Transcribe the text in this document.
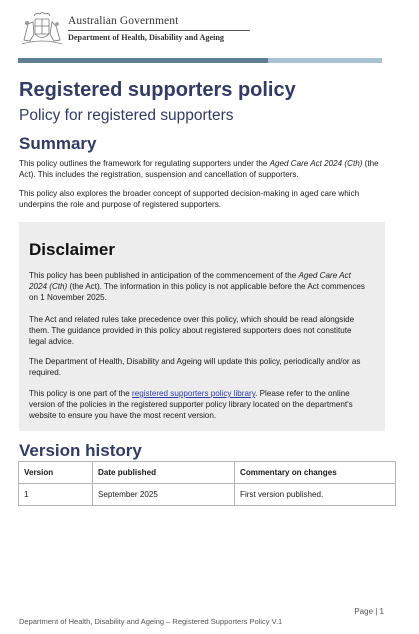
Australian Government
Department of Health, Disability and Ageing
Registered supporters policy
Policy for registered supporters
Summary
This policy outlines the framework for regulating supporters under the Aged Care Act 2024 (Cth) (the Act). This includes the registration, suspension and cancellation of supporters.
This policy also explores the broader concept of supported decision-making in aged care which underpins the role and purpose of registered supporters.
Disclaimer
This policy has been published in anticipation of the commencement of the Aged Care Act 2024 (Cth) (the Act). The information in this policy is not applicable before the Act commences on 1 November 2025.
The Act and related rules take precedence over this policy, which should be read alongside them. The guidance provided in this policy about registered supporters does not constitute legal advice.
The Department of Health, Disability and Ageing will update this policy, periodically and/or as required.
This policy is one part of the registered supporters policy library. Please refer to the online version of the policies in the registered supporter policy library located on the department's website to ensure you have the most recent version.
Version history
Version	Date published	Commentary on changes
1	September 2025	First version published.
Page | 1
Department of Health, Disability and Ageing – Registered Supporters Policy V.1
